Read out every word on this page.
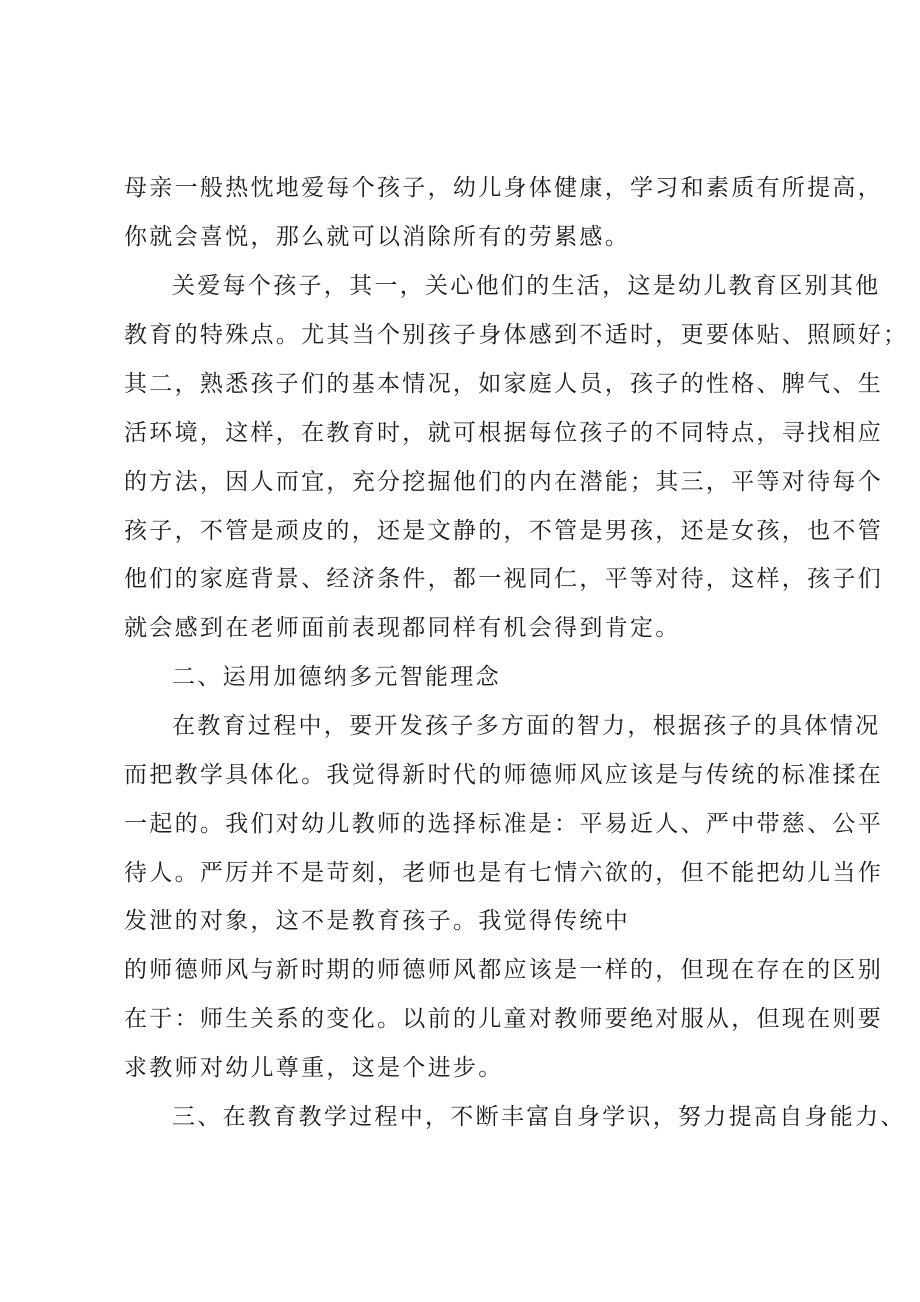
母亲一般热忱地爱每个孩子，幼儿身体健康，学习和素质有所提高，

你就会喜悦，那么就可以消除所有的劳累感。

关爱每个孩子，其一，关心他们的生活，这是幼儿教育区别其他

教育的特殊点。尤其当个别孩子身体感到不适时，更要体贴、照顾好；

其二，熟悉孩子们的基本情况，如家庭人员，孩子的性格、脾气、生

活环境，这样，在教育时，就可根据每位孩子的不同特点，寻找相应

的方法，因人而宜，充分挖掘他们的内在潜能；其三，平等对待每个

孩子，不管是顽皮的，还是文静的，不管是男孩，还是女孩，也不管

他们的家庭背景、经济条件，都一视同仁，平等对待，这样，孩子们

就会感到在老师面前表现都同样有机会得到肯定。

二、运用加德纳多元智能理念

在教育过程中，要开发孩子多方面的智力，根据孩子的具体情况

而把教学具体化。我觉得新时代的师德师风应该是与传统的标准揉在

一起的。我们对幼儿教师的选择标准是：平易近人、严中带慈、公平

待人。严厉并不是苛刻，老师也是有七情六欲的，但不能把幼儿当作

发泄的对象，这不是教育孩子。我觉得传统中

的师德师风与新时期的师德师风都应该是一样的，但现在存在的区别

在于：师生关系的变化。以前的儿童对教师要绝对服从，但现在则要

求教师对幼儿尊重，这是个进步。

三、在教育教学过程中，不断丰富自身学识，努力提高自身能力、
